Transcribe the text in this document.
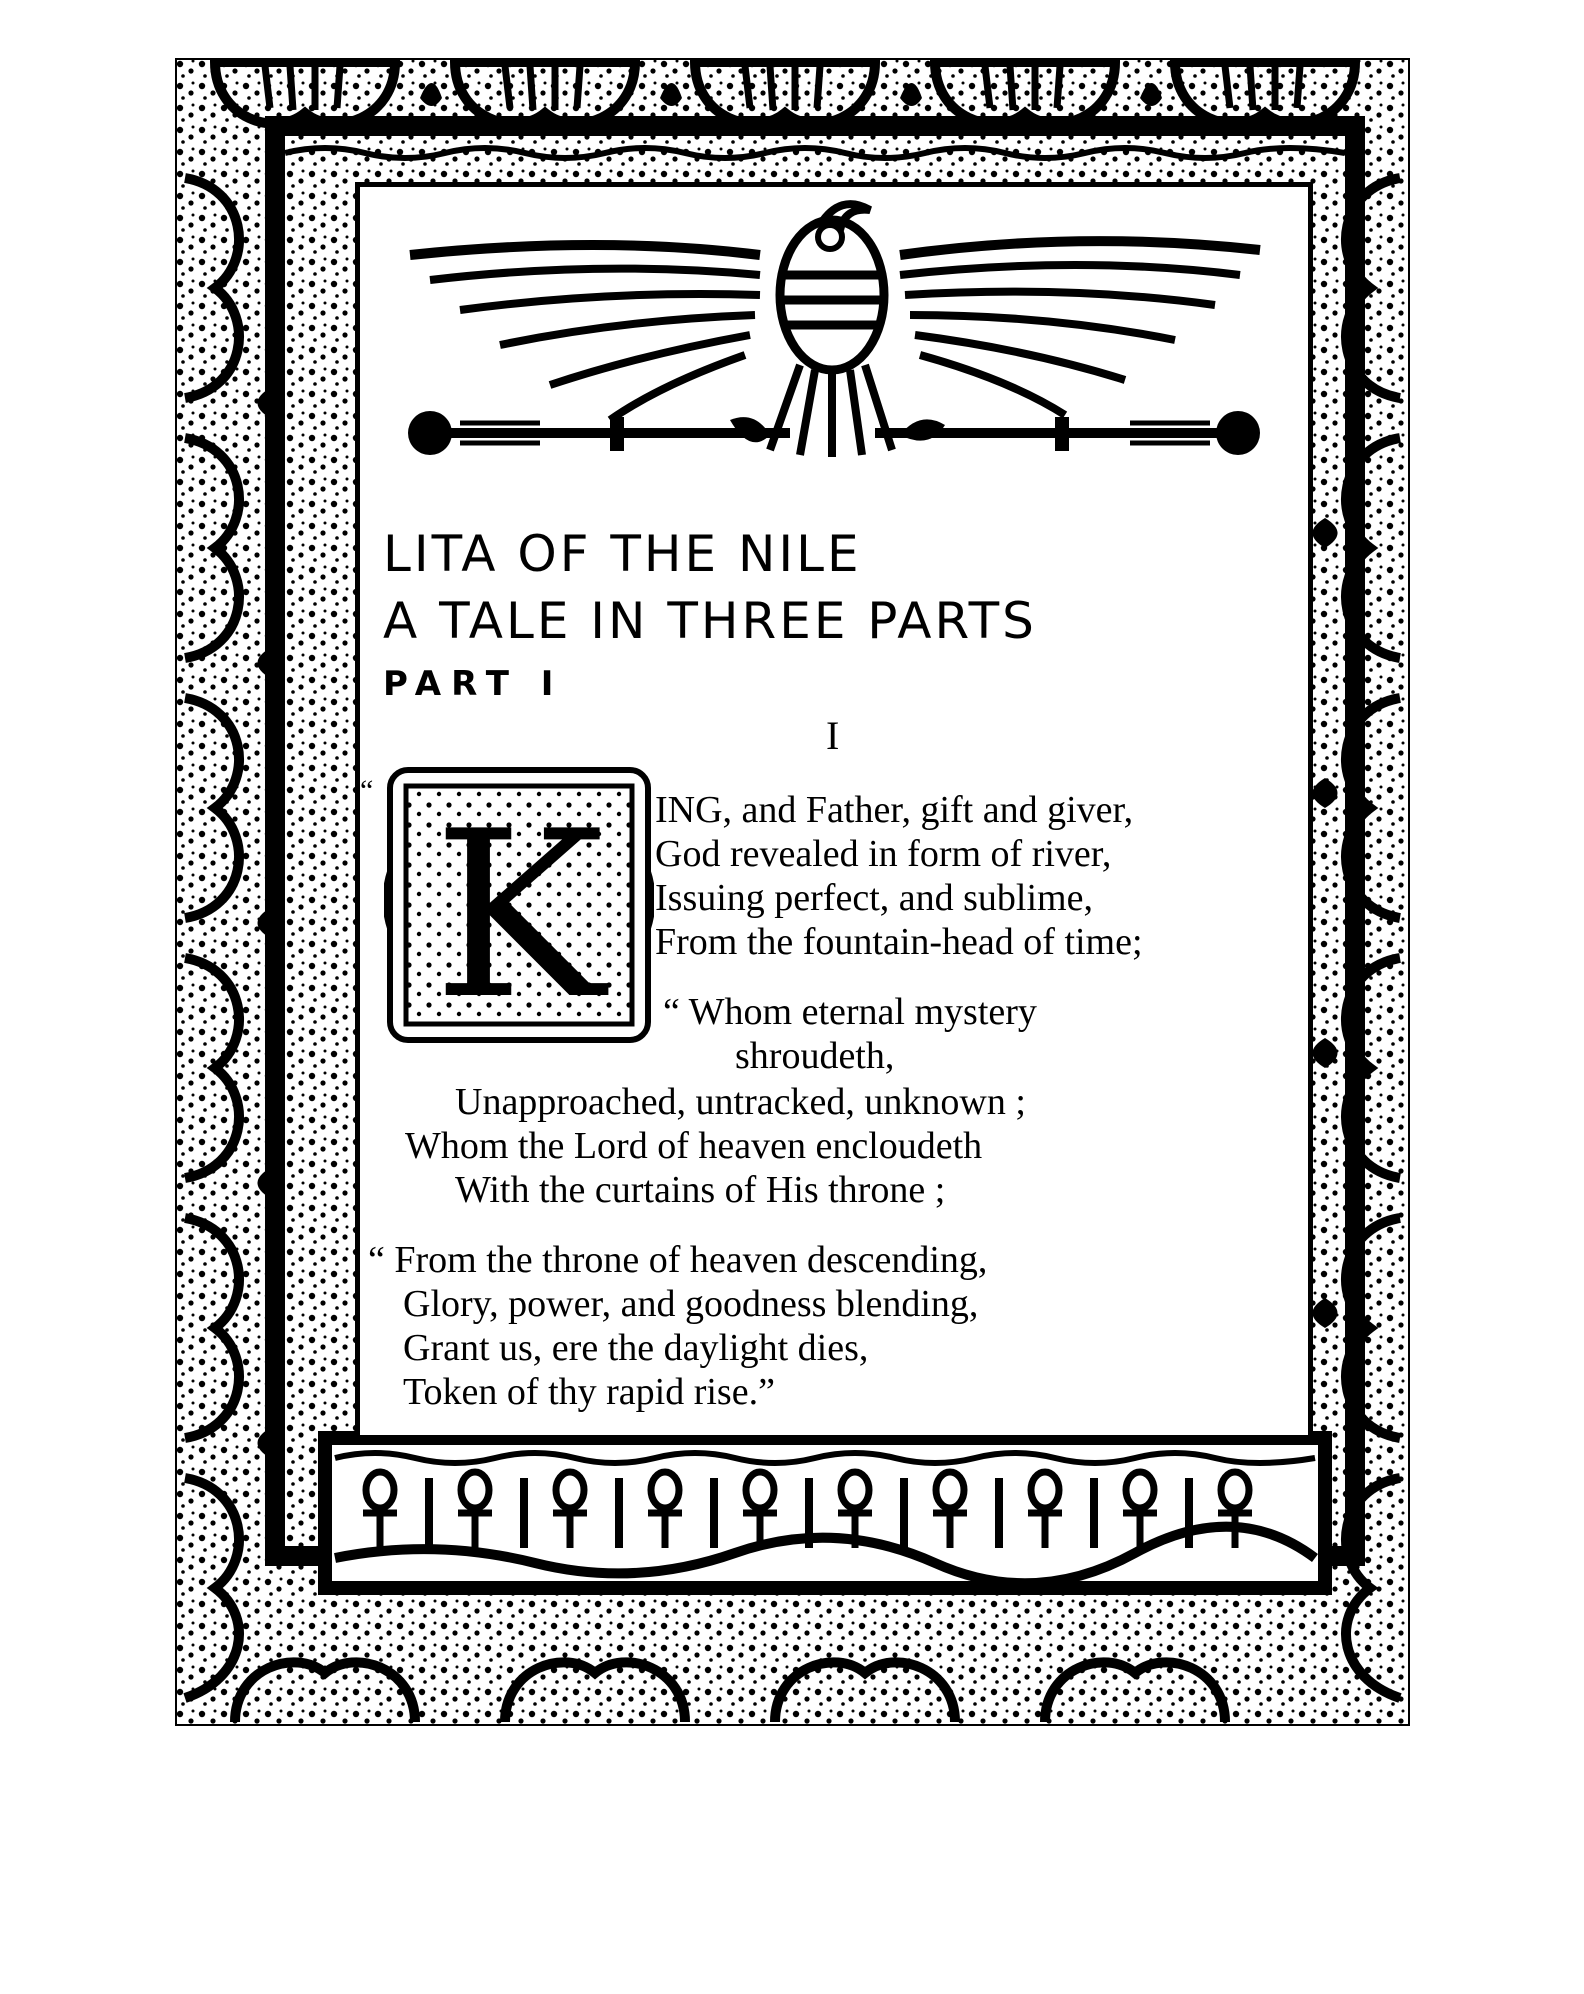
LITA OF THE NILE
A TALE IN THREE PARTS
PART I
I
“ K ING, and Father, gift and giver,

God revealed in form of river,

Issuing perfect, and sublime,

From the fountain-head of time;

“ Whom eternal mystery

shroudeth,

Unapproached, untracked, unknown ;

Whom the Lord of heaven encloudeth

With the curtains of His throne ;

“ From the throne of heaven descending,

Glory, power, and goodness blending,

Grant us, ere the daylight dies,

Token of thy rapid rise.”
